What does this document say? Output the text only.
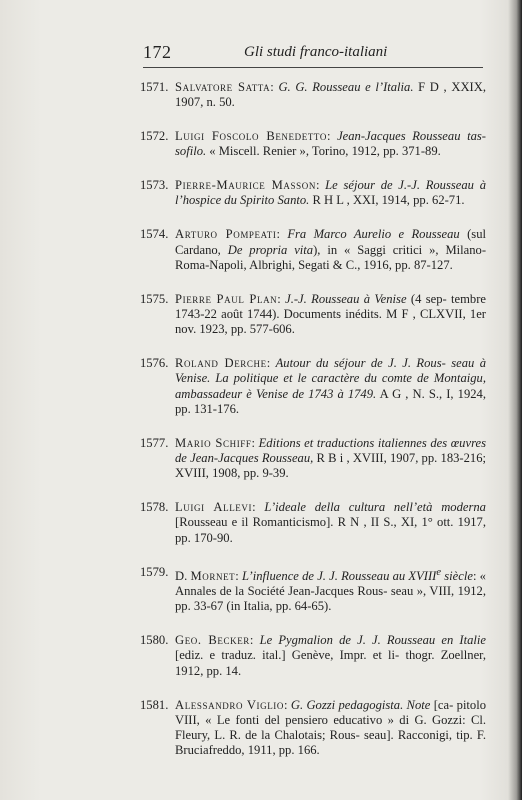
172	Gli studi franco-italiani
1571. Salvatore Satta: G. G. Rousseau e l’Italia. F D , XXIX, 1907, n. 50.
1572. Luigi Foscolo Benedetto: Jean-Jacques Rousseau tas- sofilo. « Miscell. Renier », Torino, 1912, pp. 371-89.
1573. Pierre-Maurice Masson: Le séjour de J.-J. Rousseau à l’hospice du Spirito Santo. R H L , XXI, 1914, pp. 62-71.
1574. Arturo Pompeati: Fra Marco Aurelio e Rousseau (sul Cardano, De propria vita), in « Saggi critici », Milano-Roma-Napoli, Albrighi, Segati & C., 1916, pp. 87-127.
1575. Pierre Paul Plan: J.-J. Rousseau à Venise (4 sep- tembre 1743-22 août 1744). Documents inédits. M F , CLXVII, 1er nov. 1923, pp. 577-606.
1576. Roland Derche: Autour du séjour de J. J. Rous- seau à Venise. La politique et le caractère du comte de Montaigu, ambassadeur è Venise de 1743 à 1749. A G , N. S., I, 1924, pp. 131-176.
1577. Mario Schiff: Editions et traductions italiennes des œuvres de Jean-Jacques Rousseau, R B i , XVIII, 1907, pp. 183-216; XVIII, 1908, pp. 9-39.
1578. Luigi Allevi: L’ideale della cultura nell’età moderna [Rousseau e il Romanticismo]. R N , II S., XI, 1° ott. 1917, pp. 170-90.
1579. D. Mornet: L’influence de J. J. Rousseau au XVIIIe siècle: « Annales de la Société Jean-Jacques Rous- seau », VIII, 1912, pp. 33-67 (in Italia, pp. 64-65).
1580. Geo. Becker: Le Pygmalion de J. J. Rousseau en Italie [ediz. e traduz. ital.] Genève, Impr. et li- thogr. Zoellner, 1912, pp. 14.
1581. Alessandro Viglio: G. Gozzi pedagogista. Note [ca- pitolo VIII, « Le fonti del pensiero educativo » di G. Gozzi: Cl. Fleury, L. R. de la Chalotais; Rous- seau]. Racconigi, tip. F. Bruciafreddo, 1911, pp. 166.
